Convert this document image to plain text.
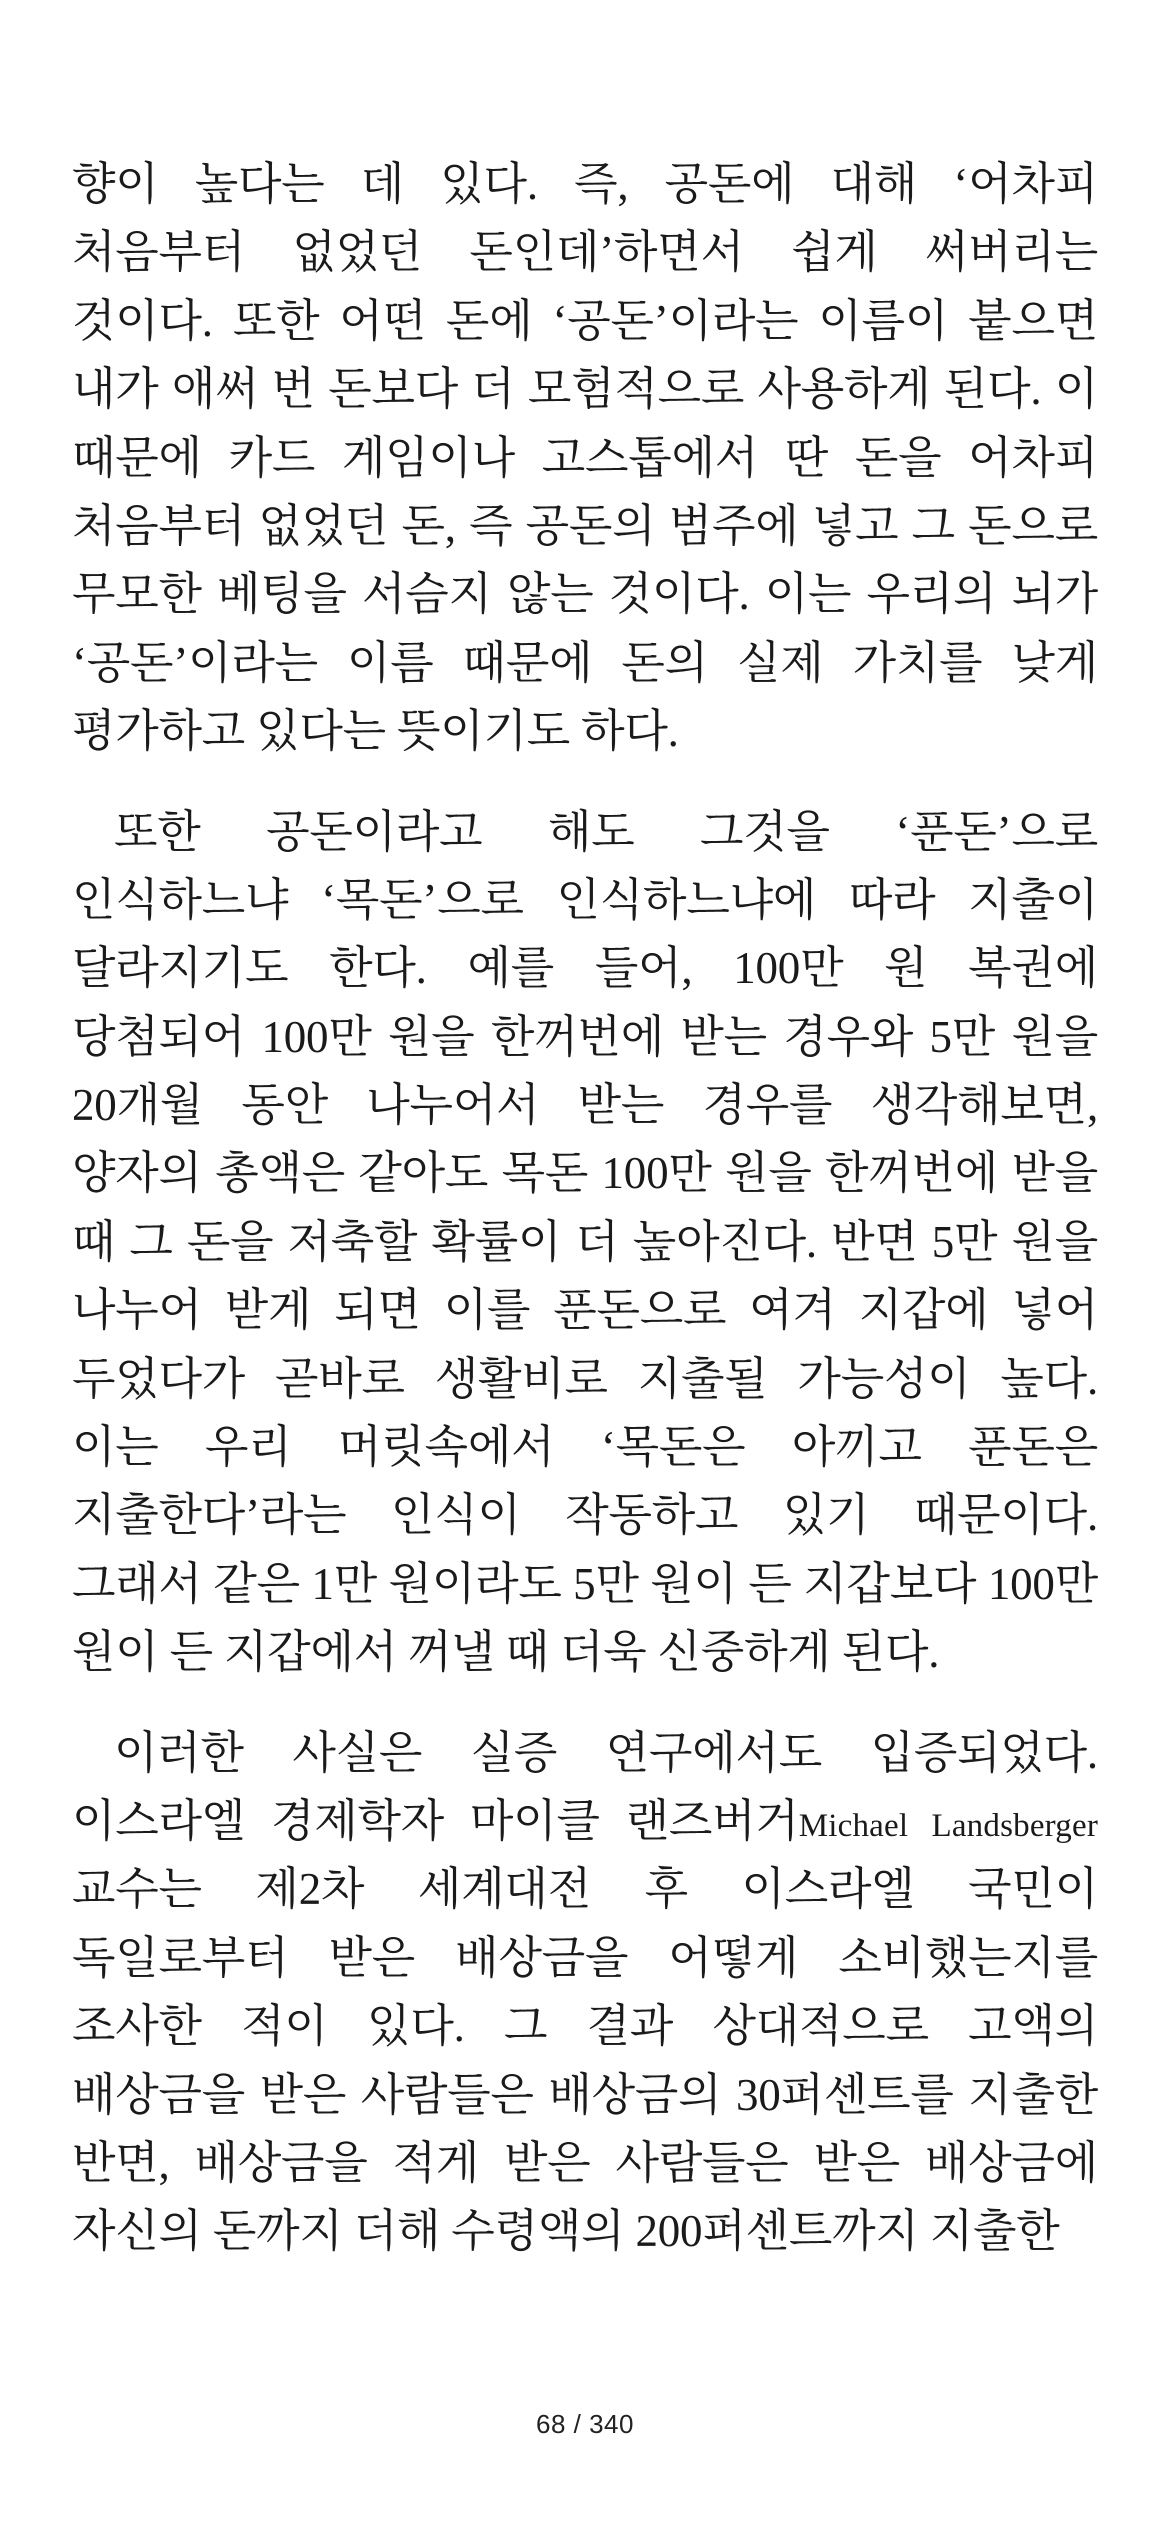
향이 높다는 데 있다. 즉, 공돈에 대해 ‘어차피 처음부터 없었던 돈인데’하면서 쉽게 써버리는 것이다. 또한 어떤 돈에 ‘공돈’이라는 이름이 붙으면 내가 애써 번 돈보다 더 모험적으로 사용하게 된다. 이 때문에 카드 게임이나 고스톱에서 딴 돈을 어차피 처음부터 없었던 돈, 즉 공돈의 범주에 넣고 그 돈으로 무모한 베팅을 서슴지 않는 것이다. 이는 우리의 뇌가 ‘공돈’이라는 이름 때문에 돈의 실제 가치를 낮게 평가하고 있다는 뜻이기도 하다.

또한 공돈이라고 해도 그것을 ‘푼돈’으로 인식하느냐 ‘목돈’으로 인식하느냐에 따라 지출이 달라지기도 한다. 예를 들어, 100만 원 복권에 당첨되어 100만 원을 한꺼번에 받는 경우와 5만 원을 20개월 동안 나누어서 받는 경우를 생각해보면, 양자의 총액은 같아도 목돈 100만 원을 한꺼번에 받을 때 그 돈을 저축할 확률이 더 높아진다. 반면 5만 원을 나누어 받게 되면 이를 푼돈으로 여겨 지갑에 넣어 두었다가 곧바로 생활비로 지출될 가능성이 높다. 이는 우리 머릿속에서 ‘목돈은 아끼고 푼돈은 지출한다’라는 인식이 작동하고 있기 때문이다. 그래서 같은 1만 원이라도 5만 원이 든 지갑보다 100만 원이 든 지갑에서 꺼낼 때 더욱 신중하게 된다.

이러한 사실은 실증 연구에서도 입증되었다. 이스라엘 경제학자 마이클 랜즈버거Michael Landsberger 교수는 제2차 세계대전 후 이스라엘 국민이 독일로부터 받은 배상금을 어떻게 소비했는지를 조사한 적이 있다. 그 결과 상대적으로 고액의 배상금을 받은 사람들은 배상금의 30퍼센트를 지출한 반면, 배상금을 적게 받은 사람들은 받은 배상금에 자신의 돈까지 더해 수령액의 200퍼센트까지 지출한

68 / 340
